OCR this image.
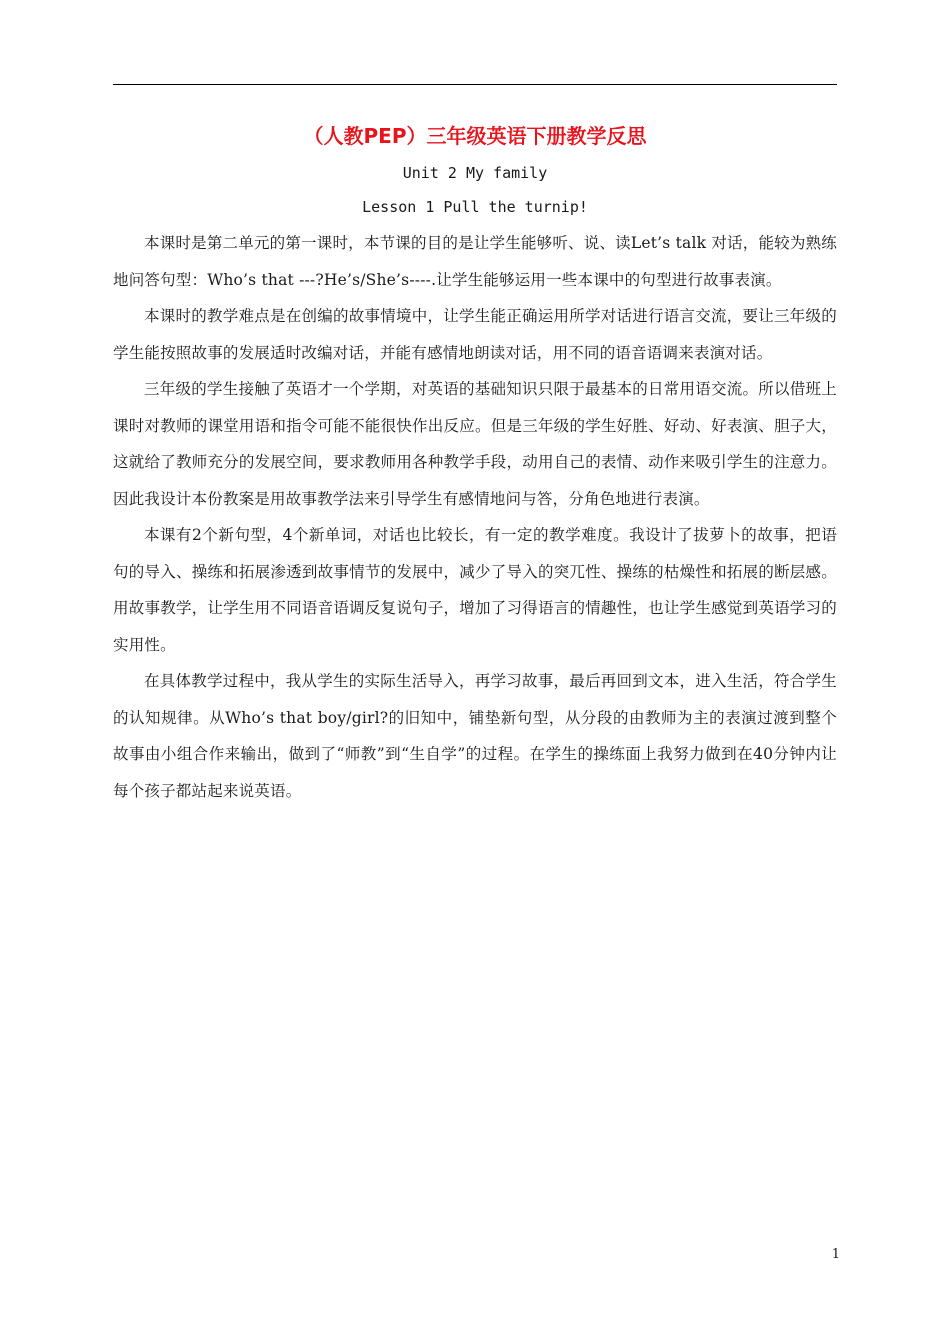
（人教PEP）三年级英语下册教学反思
Unit 2 My family
Lesson 1 Pull the turnip!

本课时是第二单元的第一课时，本节课的目的是让学生能够听、说、读Let’s talk 对话，能较为熟练地问答句型：Who’s that ---?He’s/She’s----.让学生能够运用一些本课中的句型进行故事表演。

本课时的教学难点是在创编的故事情境中，让学生能正确运用所学对话进行语言交流，要让三年级的学生能按照故事的发展适时改编对话，并能有感情地朗读对话，用不同的语音语调来表演对话。

三年级的学生接触了英语才一个学期，对英语的基础知识只限于最基本的日常用语交流。所以借班上课时对教师的课堂用语和指令可能不能很快作出反应。但是三年级的学生好胜、好动、好表演、胆子大，这就给了教师充分的发展空间，要求教师用各种教学手段，动用自己的表情、动作来吸引学生的注意力。因此我设计本份教案是用故事教学法来引导学生有感情地问与答，分角色地进行表演。

本课有2个新句型，4个新单词，对话也比较长，有一定的教学难度。我设计了拔萝卜的故事，把语句的导入、操练和拓展渗透到故事情节的发展中，减少了导入的突兀性、操练的枯燥性和拓展的断层感。用故事教学，让学生用不同语音语调反复说句子，增加了习得语言的情趣性，也让学生感觉到英语学习的实用性。

在具体教学过程中，我从学生的实际生活导入，再学习故事，最后再回到文本，进入生活，符合学生的认知规律。从Who’s that boy/girl?的旧知中，铺垫新句型，从分段的由教师为主的表演过渡到整个故事由小组合作来输出，做到了“师教”到“生自学”的过程。在学生的操练面上我努力做到在40分钟内让每个孩子都站起来说英语。

1
